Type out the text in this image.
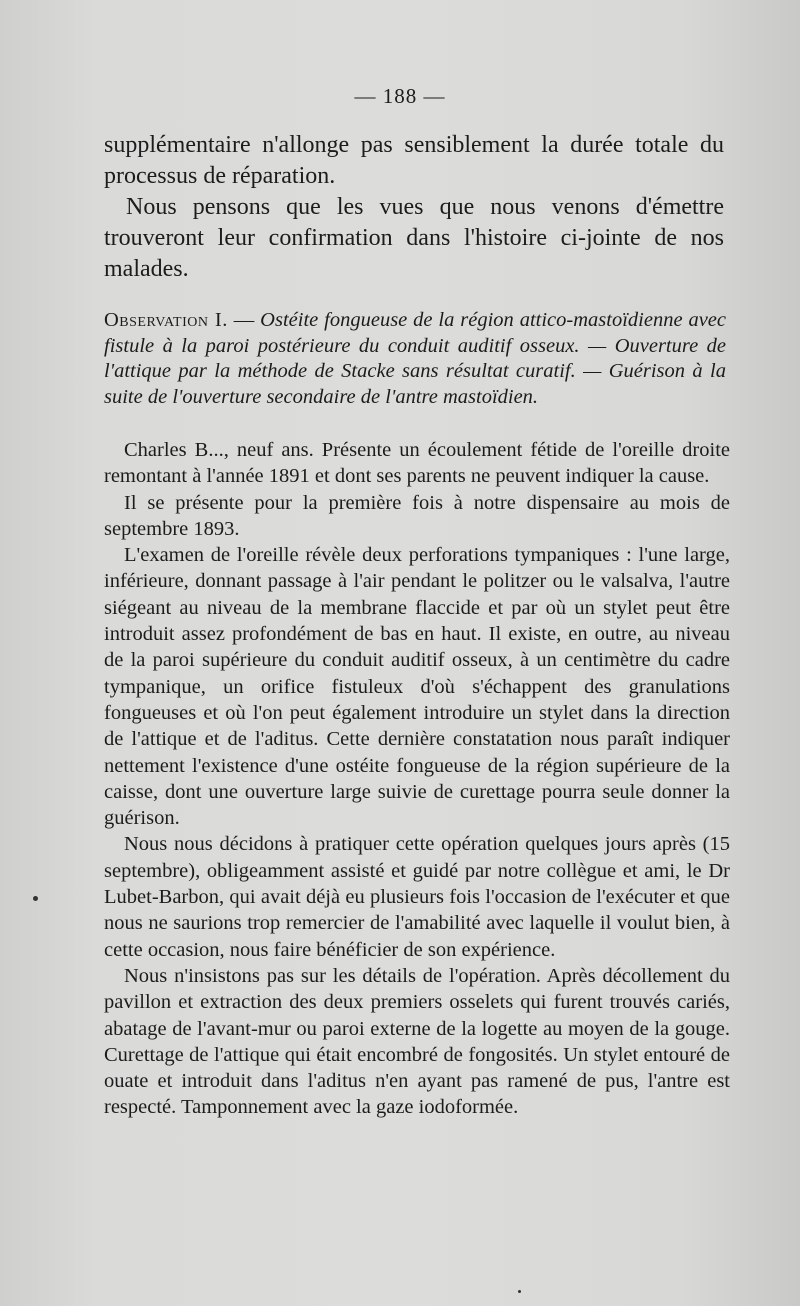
— 188 —

supplémentaire n'allonge pas sensiblement la durée totale du processus de réparation.

Nous pensons que les vues que nous venons d'émettre trouveront leur confirmation dans l'histoire ci-jointe de nos malades.

Observation I. — Ostéite fongueuse de la région attico-mastoïdienne avec fistule à la paroi postérieure du conduit auditif osseux. — Ouverture de l'attique par la méthode de Stacke sans résultat curatif. — Guérison à la suite de l'ouverture secondaire de l'antre mastoïdien.

Charles B..., neuf ans. Présente un écoulement fétide de l'oreille droite remontant à l'année 1891 et dont ses parents ne peuvent indiquer la cause.

Il se présente pour la première fois à notre dispensaire au mois de septembre 1893.

L'examen de l'oreille révèle deux perforations tympaniques : l'une large, inférieure, donnant passage à l'air pendant le politzer ou le valsalva, l'autre siégeant au niveau de la membrane flaccide et par où un stylet peut être introduit assez profondément de bas en haut. Il existe, en outre, au niveau de la paroi supérieure du conduit auditif osseux, à un centimètre du cadre tympanique, un orifice fistuleux d'où s'échappent des granulations fongueuses et où l'on peut également introduire un stylet dans la direction de l'attique et de l'aditus. Cette dernière constatation nous paraît indiquer nettement l'existence d'une ostéite fongueuse de la région supérieure de la caisse, dont une ouverture large suivie de curettage pourra seule donner la guérison.

Nous nous décidons à pratiquer cette opération quelques jours après (15 septembre), obligeamment assisté et guidé par notre collègue et ami, le Dr Lubet-Barbon, qui avait déjà eu plusieurs fois l'occasion de l'exécuter et que nous ne saurions trop remercier de l'amabilité avec laquelle il voulut bien, à cette occasion, nous faire bénéficier de son expérience.

Nous n'insistons pas sur les détails de l'opération. Après décollement du pavillon et extraction des deux premiers osselets qui furent trouvés cariés, abatage de l'avant-mur ou paroi externe de la logette au moyen de la gouge. Curettage de l'attique qui était encombré de fongosités. Un stylet entouré de ouate et introduit dans l'aditus n'en ayant pas ramené de pus, l'antre est respecté. Tamponnement avec la gaze iodoformée.
